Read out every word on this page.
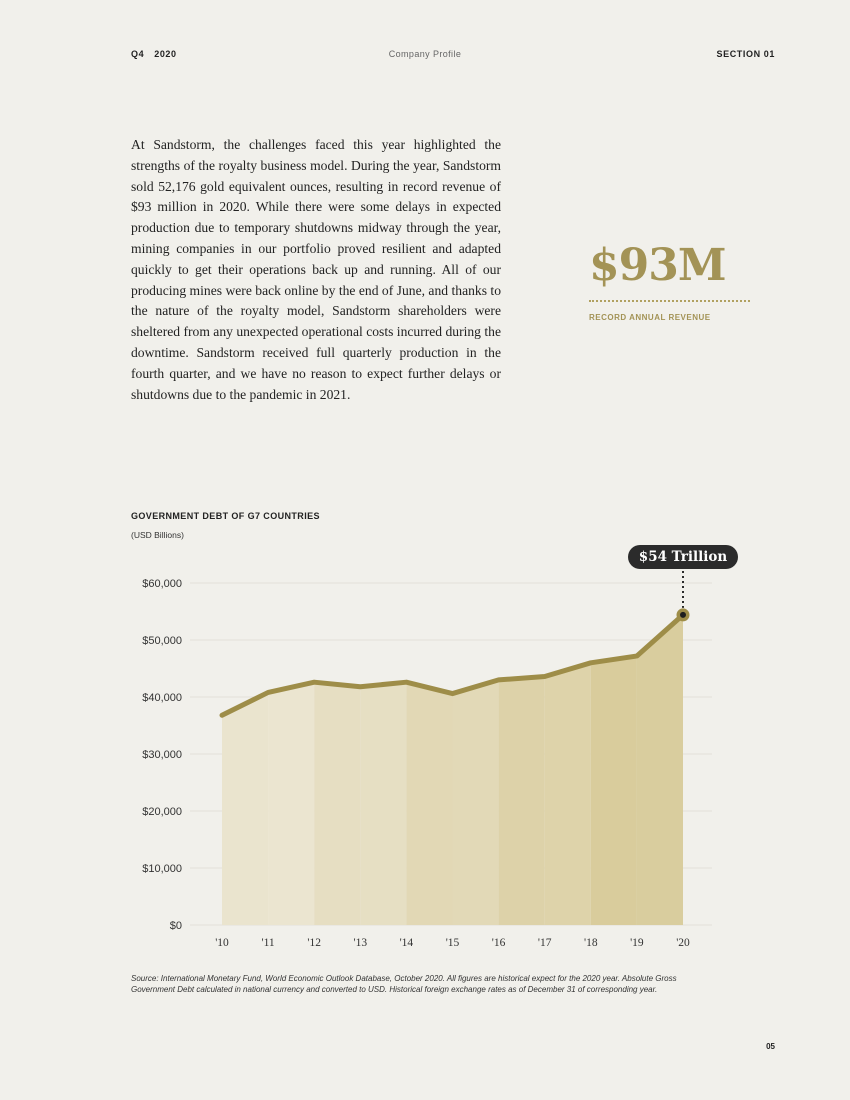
Q4 2020	Company Profile	SECTION 01

At Sandstorm, the challenges faced this year highlighted the strengths of the royalty business model. During the year, Sandstorm sold 52,176 gold equivalent ounces, resulting in record revenue of $93 million in 2020. While there were some delays in expected production due to temporary shutdowns midway through the year, mining companies in our portfolio proved resilient and adapted quickly to get their operations back up and running. All of our producing mines were back online by the end of June, and thanks to the nature of the royalty model, Sandstorm shareholders were sheltered from any unexpected operational costs incurred during the downtime. Sandstorm received full quarterly production in the fourth quarter, and we have no reason to expect further delays or shutdowns due to the pandemic in 2021.

$93M
RECORD ANNUAL REVENUE
GOVERNMENT DEBT OF G7 COUNTRIES
(USD Billions)
$0
$10,000
$20,000
$30,000
$40,000
$50,000
$60,000
'10	'11	'12	'13	'14	'15	'16	'17	'18	'19	'20
$54 Trillion

Source: International Monetary Fund, World Economic Outlook Database, October 2020. All figures are historical expect for the 2020 year. Absolute Gross Government Debt calculated in national currency and converted to USD. Historical foreign exchange rates as of December 31 of corresponding year.

05
